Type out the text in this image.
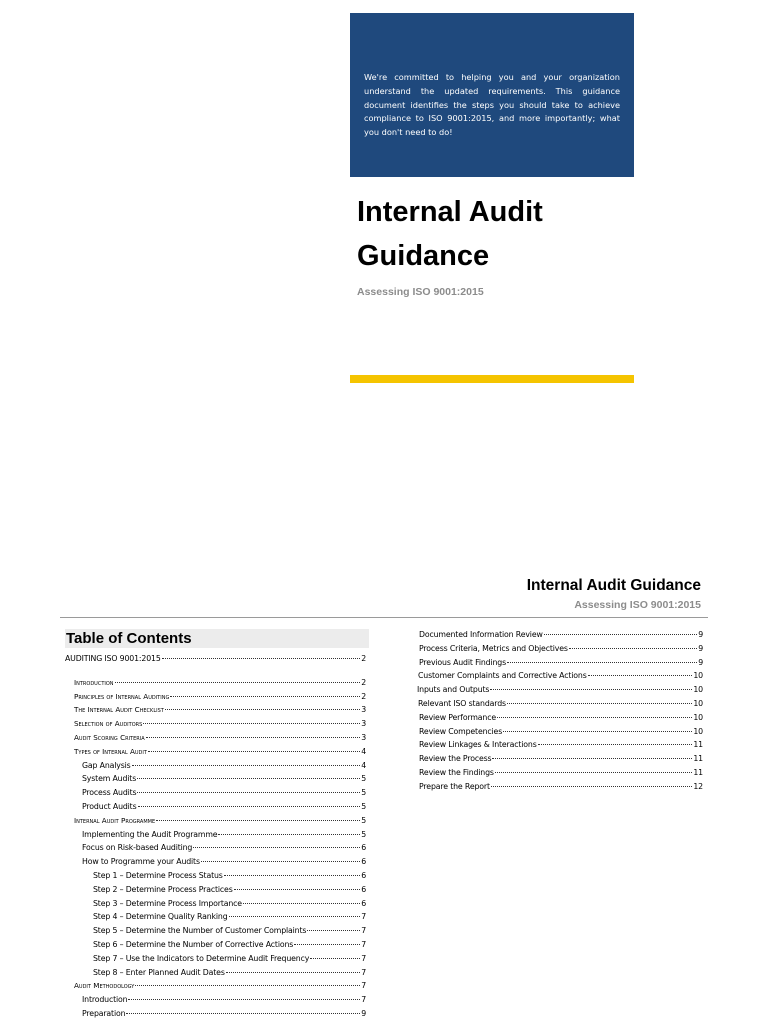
We're committed to helping you and your organization understand the updated requirements. This guidance document identifies the steps you should take to achieve compliance to ISO 9001:2015, and more importantly; what you don't need to do!

Internal Audit Guidance

Assessing ISO 9001:2015

Internal Audit Guidance

Assessing ISO 9001:2015

Table of Contents
AUDITING ISO 9001:2015	2
Introduction	2
Principles of Internal Auditing	2
The Internal Audit Checklist	3
Selection of Auditors	3
Audit Scoring Criteria	3
Types of Internal Audit	4
Gap Analysis	4
System Audits	5
Process Audits	5
Product Audits	5
Internal Audit Programme	5
Implementing the Audit Programme	5
Focus on Risk-based Auditing	6
How to Programme your Audits	6
Step 1 – Determine Process Status	6
Step 2 – Determine Process Practices	6
Step 3 – Determine Process Importance	6
Step 4 – Determine Quality Ranking	7
Step 5 – Determine the Number of Customer Complaints	7
Step 6 – Determine the Number of Corrective Actions	7
Step 7 – Use the Indicators to Determine Audit Frequency	7
Step 8 – Enter Planned Audit Dates	7
Audit Methodology	7
Introduction	7
Preparation	9
Documented Information Review	9
Process Criteria, Metrics and Objectives	9
Previous Audit Findings	9
Customer Complaints and Corrective Actions	10
Inputs and Outputs	10
Relevant ISO standards	10
Review Performance	10
Review Competencies	10
Review Linkages & Interactions	11
Review the Process	11
Review the Findings	11
Prepare the Report	12
